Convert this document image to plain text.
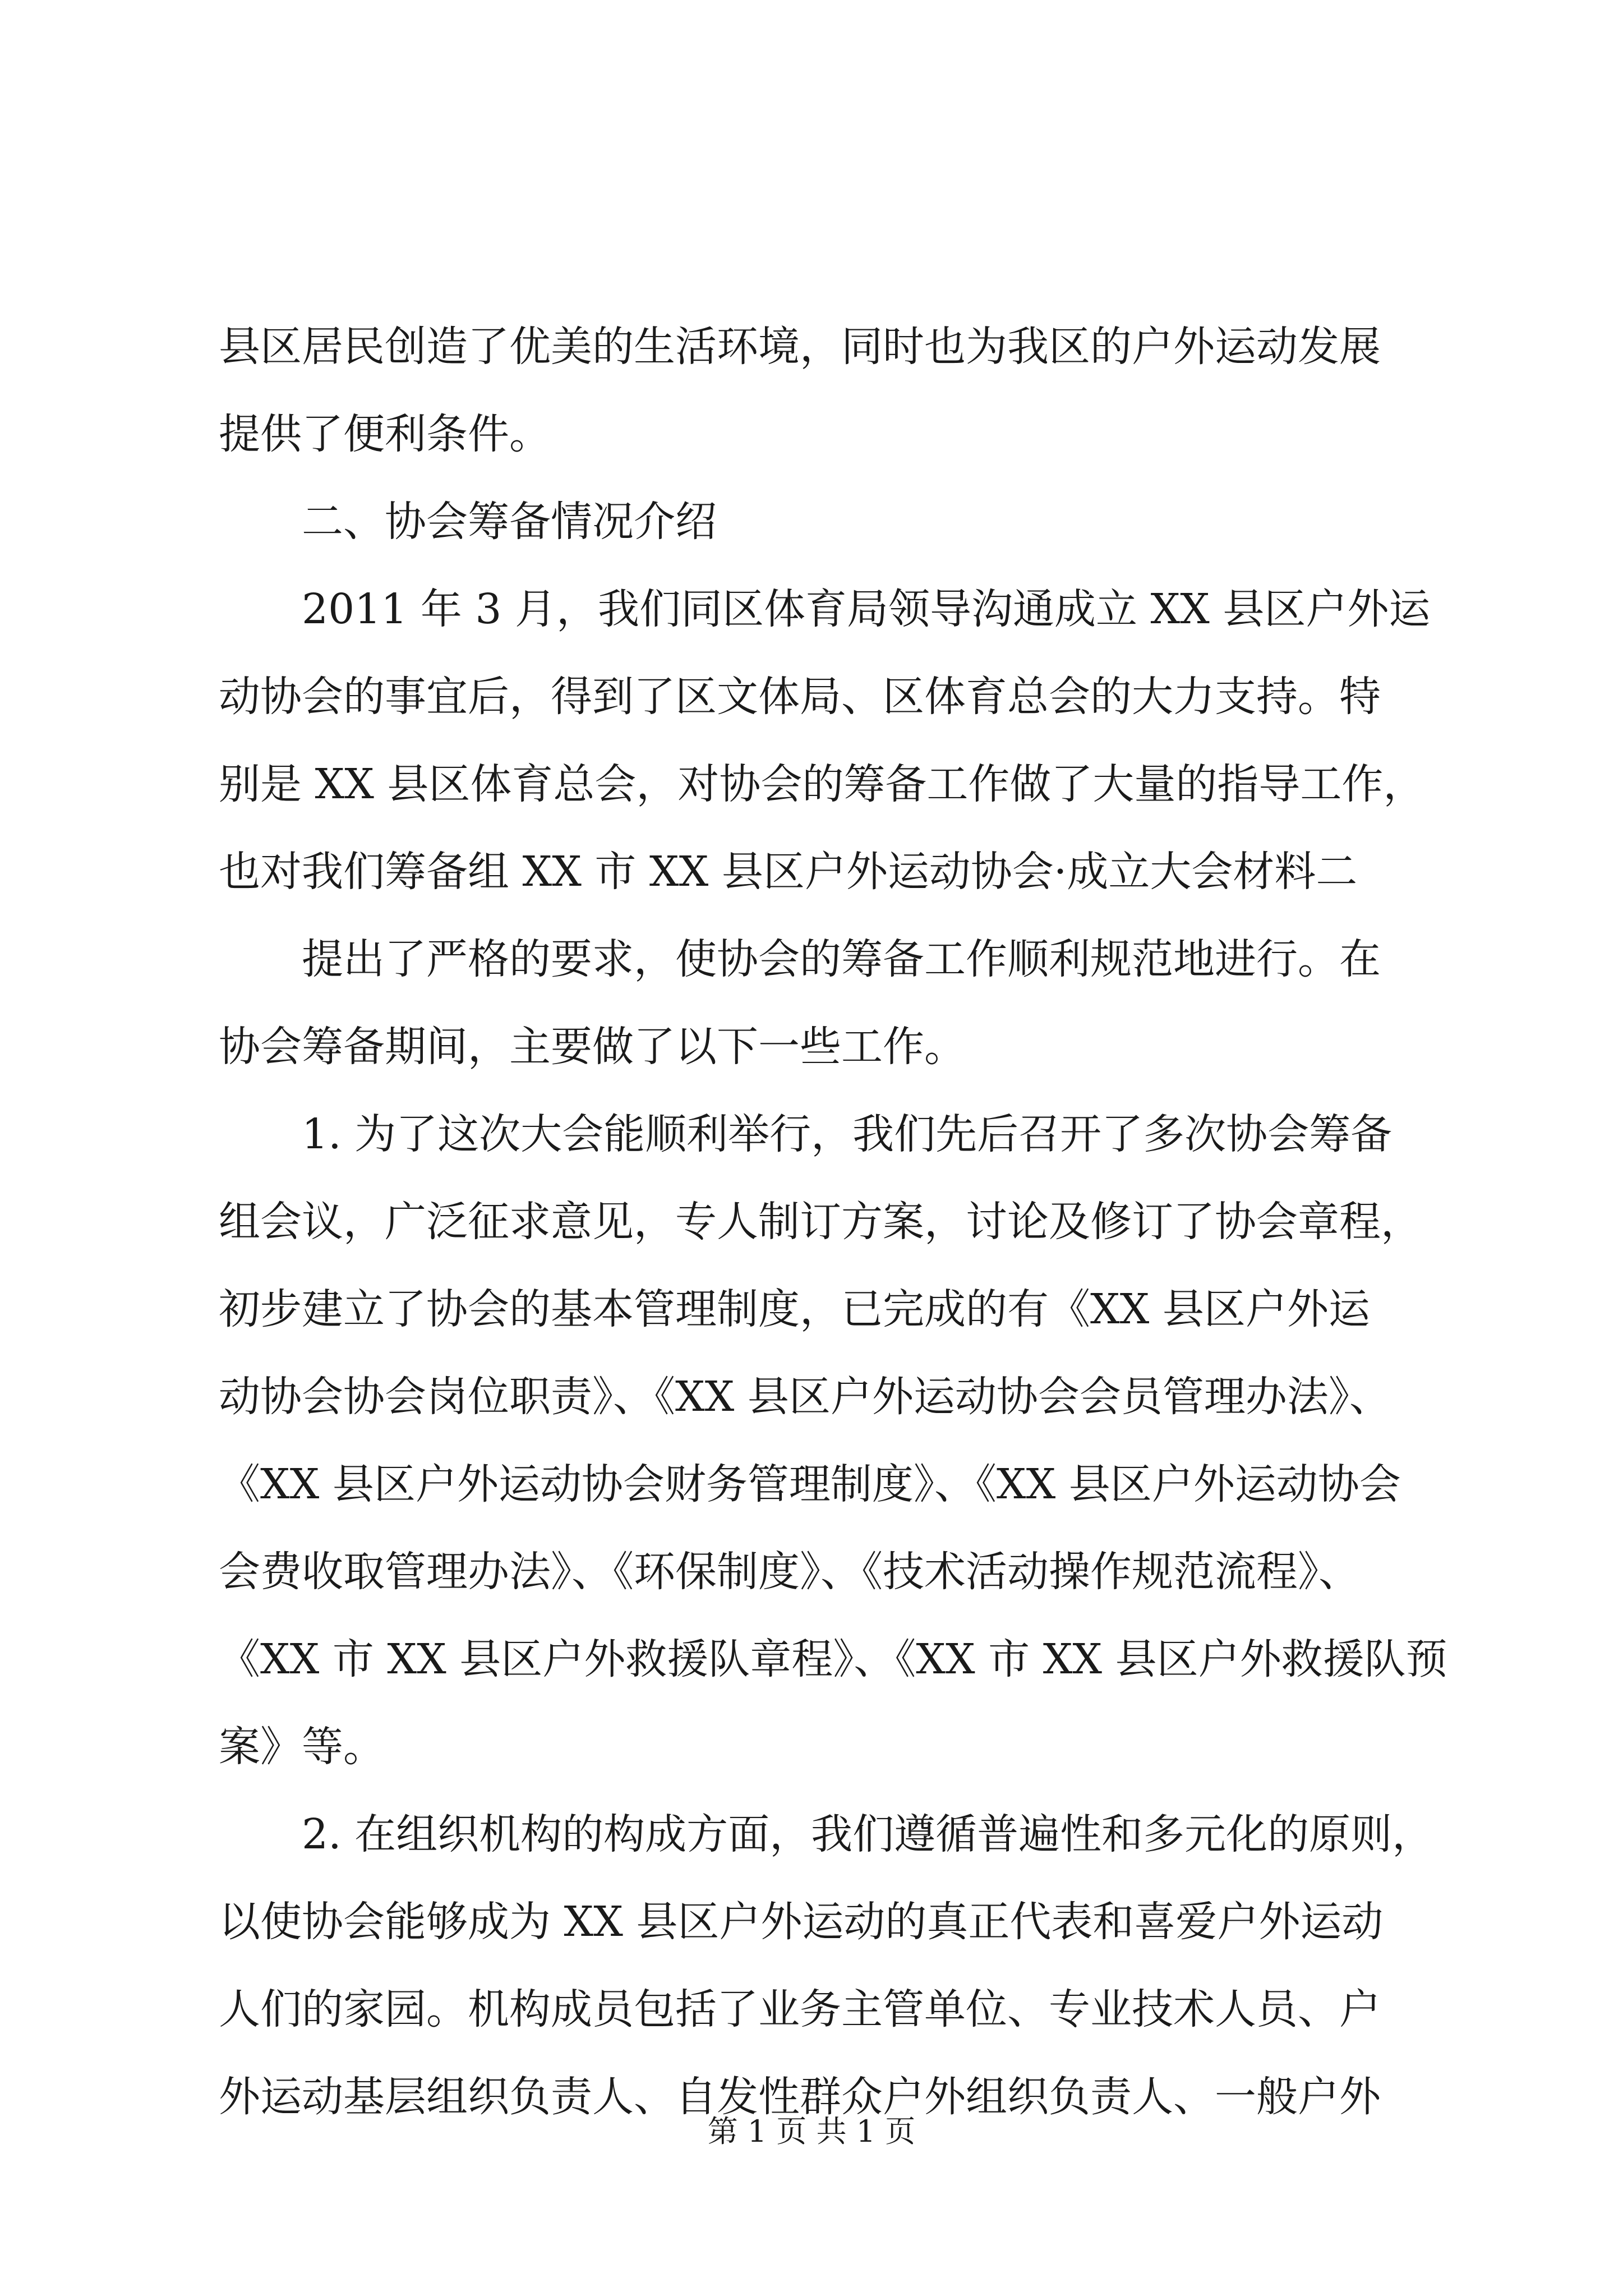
县区居民创造了优美的生活环境，同时也为我区的户外运动发展
提供了便利条件。
二、协会筹备情况介绍
2011 年 3 月，我们同区体育局领导沟通成立 XX 县区户外运
动协会的事宜后，得到了区文体局、区体育总会的大力支持。特
别是 XX 县区体育总会，对协会的筹备工作做了大量的指导工作，
也对我们筹备组 XX 市 XX 县区户外运动协会·成立大会材料二
提出了严格的要求，使协会的筹备工作顺利规范地进行。在
协会筹备期间，主要做了以下一些工作。
1. 为了这次大会能顺利举行，我们先后召开了多次协会筹备
组会议，广泛征求意见，专人制订方案，讨论及修订了协会章程，
初步建立了协会的基本管理制度，已完成的有《XX 县区户外运
动协会协会岗位职责》、《XX 县区户外运动协会会员管理办法》、
《XX 县区户外运动协会财务管理制度》、《XX 县区户外运动协会
会费收取管理办法》、《环保制度》、《技术活动操作规范流程》、
《XX 市 XX 县区户外救援队章程》、《XX 市 XX 县区户外救援队预
案》等。
2. 在组织机构的构成方面，我们遵循普遍性和多元化的原则，
以使协会能够成为 XX 县区户外运动的真正代表和喜爱户外运动
人们的家园。机构成员包括了业务主管单位、专业技术人员、户
外运动基层组织负责人、自发性群众户外组织负责人、一般户外
第 1 页 共 1 页
